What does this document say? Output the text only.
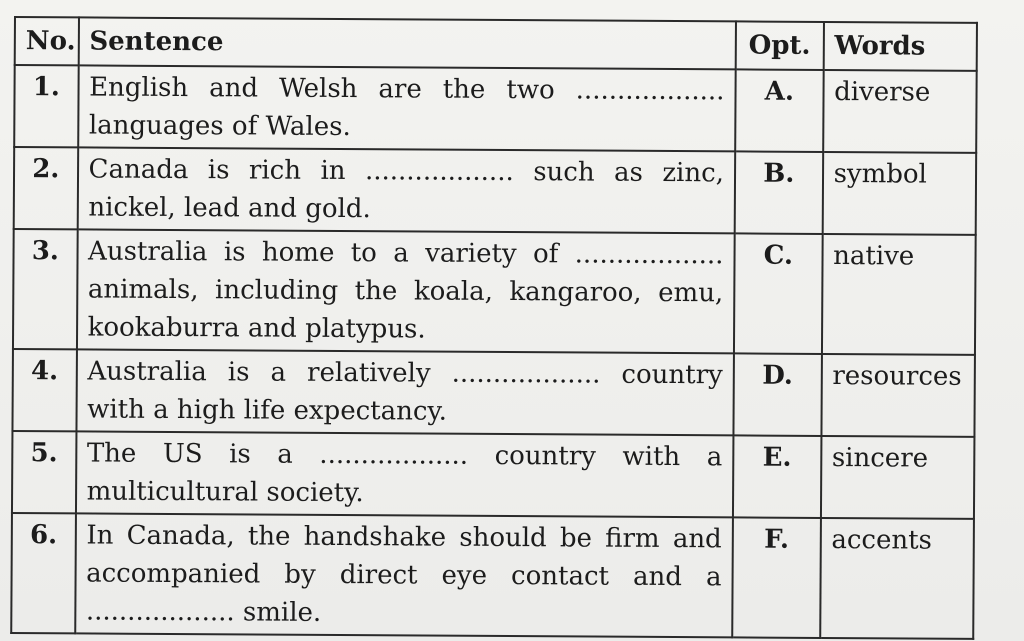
No.	Sentence	Opt.	Words
1.	English and Welsh are the two .................. languages of Wales.	A.	diverse
2.	Canada is rich in .................. such as zinc, nickel, lead and gold.	B.	symbol
3.	Australia is home to a variety of .................. animals, including the koala, kangaroo, emu, kookaburra and platypus.	C.	native
4.	Australia is a relatively .................. country with a high life expectancy.	D.	resources
5.	The US is a .................. country with a multicultural society.	E.	sincere
6.	In Canada, the handshake should be firm and accompanied by direct eye contact and a .................. smile.	F.	accents
